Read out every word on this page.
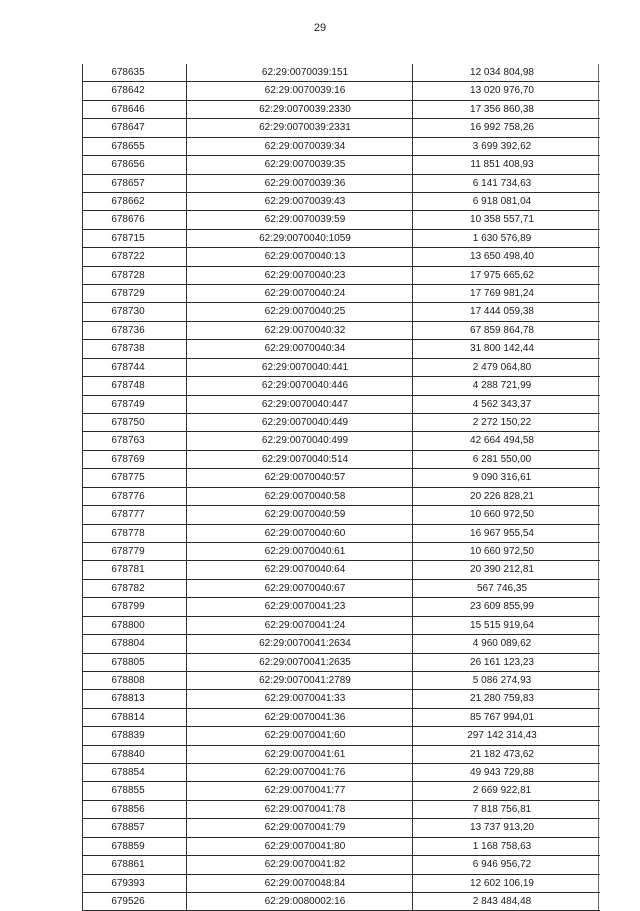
29
678635	62:29:0070039:151	12 034 804,98
678642	62:29:0070039:16	13 020 976,70
678646	62:29:0070039:2330	17 356 860,38
678647	62:29:0070039:2331	16 992 758,26
678655	62:29:0070039:34	3 699 392,62
678656	62:29:0070039:35	11 851 408,93
678657	62:29:0070039:36	6 141 734,63
678662	62:29:0070039:43	6 918 081,04
678676	62:29:0070039:59	10 358 557,71
678715	62:29:0070040:1059	1 630 576,89
678722	62:29:0070040:13	13 650 498,40
678728	62:29:0070040:23	17 975 665,62
678729	62:29:0070040:24	17 769 981,24
678730	62:29:0070040:25	17 444 059,38
678736	62:29:0070040:32	67 859 864,78
678738	62:29:0070040:34	31 800 142,44
678744	62:29:0070040:441	2 479 064,80
678748	62:29:0070040:446	4 288 721,99
678749	62:29:0070040:447	4 562 343,37
678750	62:29:0070040:449	2 272 150,22
678763	62:29:0070040:499	42 664 494,58
678769	62:29:0070040:514	6 281 550,00
678775	62:29:0070040:57	9 090 316,61
678776	62:29:0070040:58	20 226 828,21
678777	62:29:0070040:59	10 660 972,50
678778	62:29:0070040:60	16 967 955,54
678779	62:29:0070040:61	10 660 972,50
678781	62:29:0070040:64	20 390 212,81
678782	62:29:0070040:67	567 746,35
678799	62:29:0070041:23	23 609 855,99
678800	62:29:0070041:24	15 515 919,64
678804	62:29:0070041:2634	4 960 089,62
678805	62:29:0070041:2635	26 161 123,23
678808	62:29:0070041:2789	5 086 274,93
678813	62:29:0070041:33	21 280 759,83
678814	62:29:0070041:36	85 767 994,01
678839	62:29:0070041:60	297 142 314,43
678840	62:29:0070041:61	21 182 473,62
678854	62:29:0070041:76	49 943 729,88
678855	62:29:0070041:77	2 669 922,81
678856	62:29:0070041:78	7 818 756,81
678857	62:29:0070041:79	13 737 913,20
678859	62:29:0070041:80	1 168 758,63
678861	62:29:0070041:82	6 946 956,72
679393	62:29:0070048:84	12 602 106,19
679526	62:29:0080002:16	2 843 484,48
